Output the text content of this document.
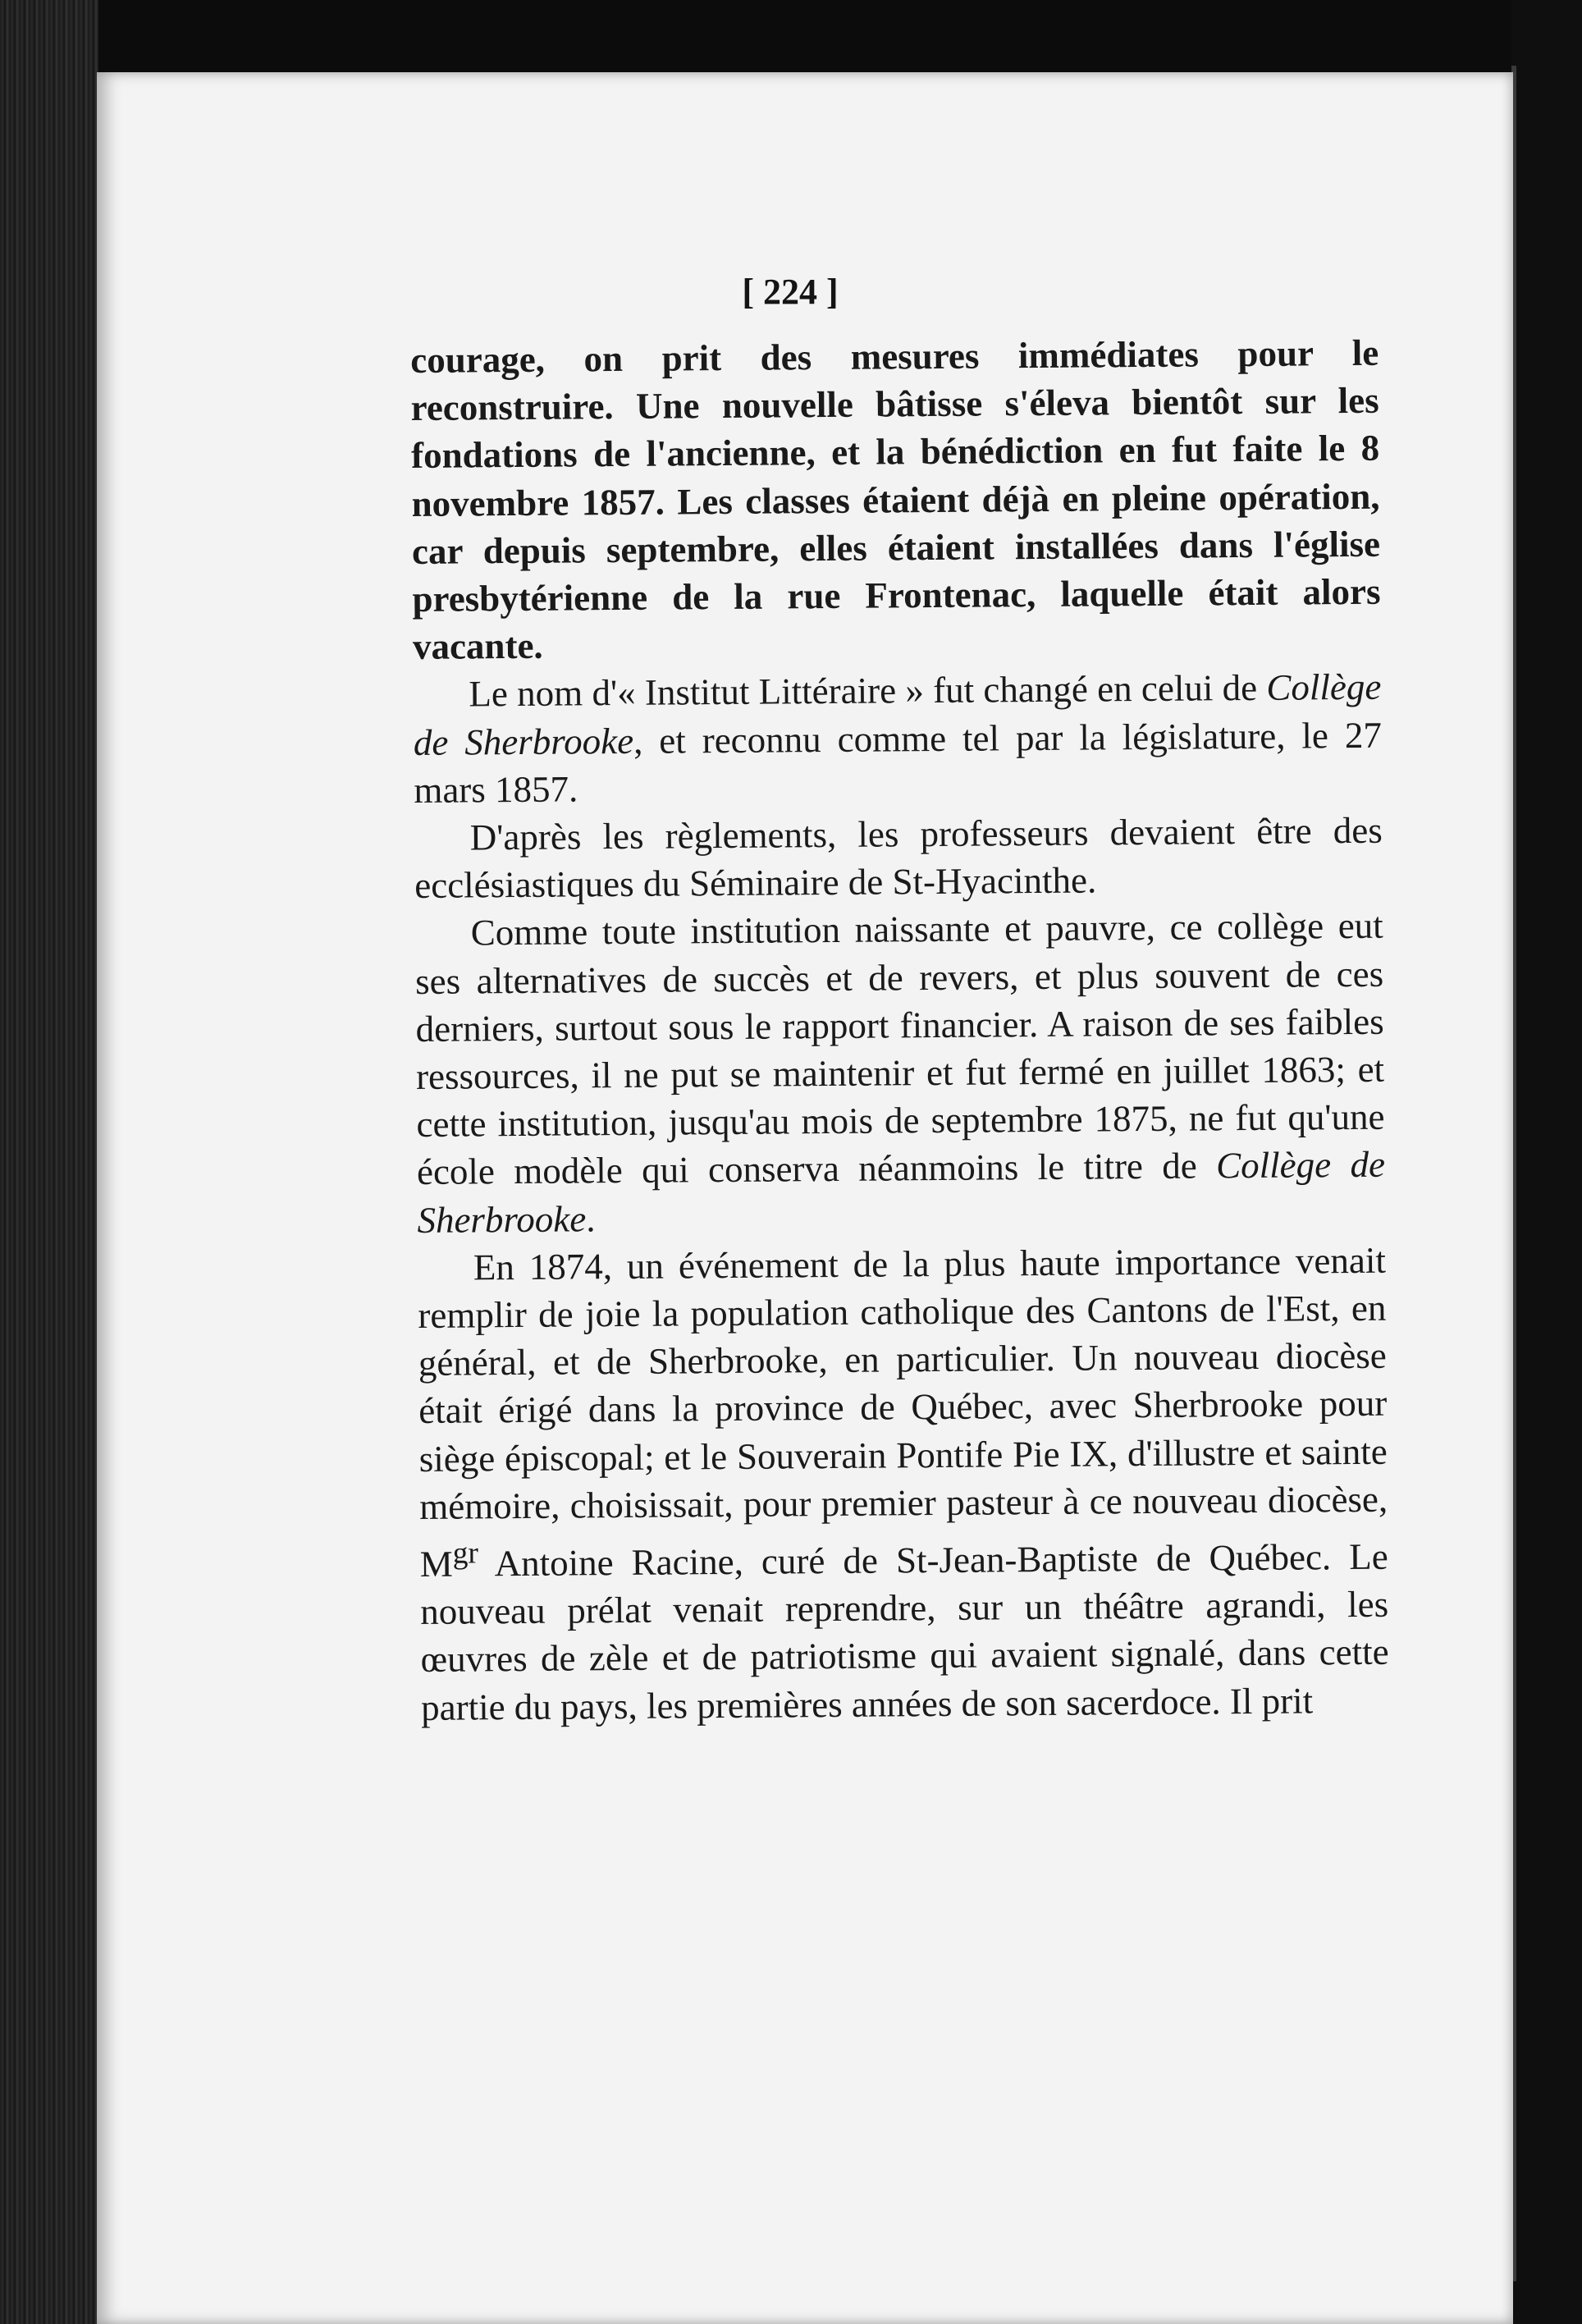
[ 224 ]

courage, on prit des mesures immédiates pour le reconstruire. Une nouvelle bâtisse s'éleva bientôt sur les fondations de l'ancienne, et la bénédiction en fut faite le 8 novembre 1857. Les classes étaient déjà en pleine opération, car depuis septembre, elles étaient installées dans l'église presbytérienne de la rue Frontenac, laquelle était alors vacante.

Le nom d'« Institut Littéraire » fut changé en celui de Collège de Sherbrooke, et reconnu comme tel par la législature, le 27 mars 1857.

D'après les règlements, les professeurs devaient être des ecclésiastiques du Séminaire de St-Hyacinthe.

Comme toute institution naissante et pauvre, ce collège eut ses alternatives de succès et de revers, et plus souvent de ces derniers, surtout sous le rapport financier. A raison de ses faibles ressources, il ne put se maintenir et fut fermé en juillet 1863; et cette institution, jusqu'au mois de septembre 1875, ne fut qu'une école modèle qui conserva néanmoins le titre de Collège de Sherbrooke.

En 1874, un événement de la plus haute importance venait remplir de joie la population catholique des Cantons de l'Est, en général, et de Sherbrooke, en particulier. Un nouveau diocèse était érigé dans la province de Québec, avec Sherbrooke pour siège épiscopal; et le Souverain Pontife Pie IX, d'illustre et sainte mémoire, choisissait, pour premier pasteur à ce nouveau diocèse, $M^{gr}$ Antoine Racine, curé de St-Jean-Baptiste de Québec. Le nouveau prélat venait reprendre, sur un théâtre agrandi, les œuvres de zèle et de patriotisme qui avaient signalé, dans cette partie du pays, les premières années de son sacerdoce. Il prit
